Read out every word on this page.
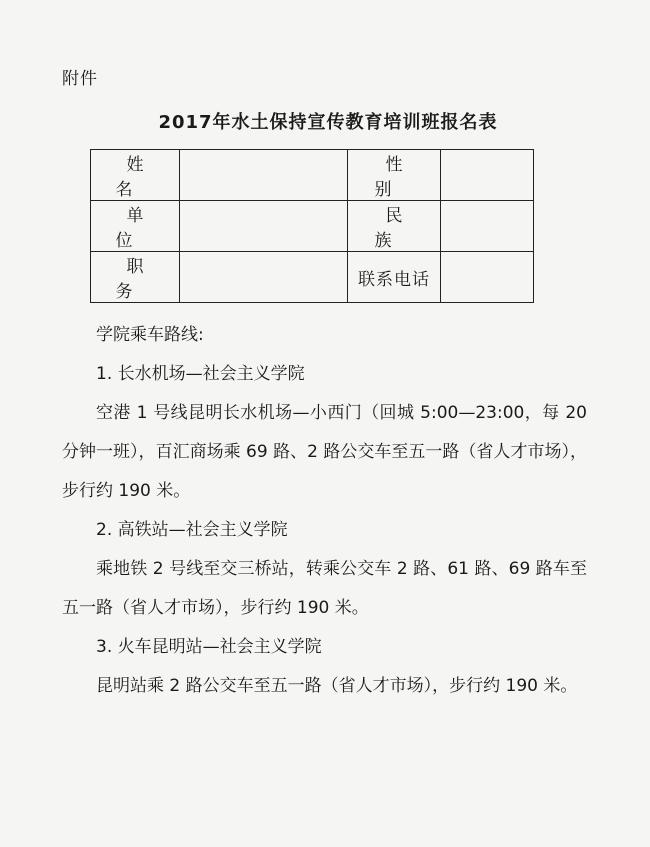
附件
2017年水土保持宣传教育培训班报名表
姓 名		性 别	
单 位		民 族	
职 务		联系电话	
学院乘车路线:
1. 长水机场—社会主义学院
空港 1 号线昆明长水机场—小西门（回城 5:00—23:00，每 20 分钟一班），百汇商场乘 69 路、2 路公交车至五一路（省人才市场），步行约 190 米。
2. 高铁站—社会主义学院
乘地铁 2 号线至交三桥站，转乘公交车 2 路、61 路、69 路车至五一路（省人才市场），步行约 190 米。
3. 火车昆明站—社会主义学院
昆明站乘 2 路公交车至五一路（省人才市场），步行约 190 米。
